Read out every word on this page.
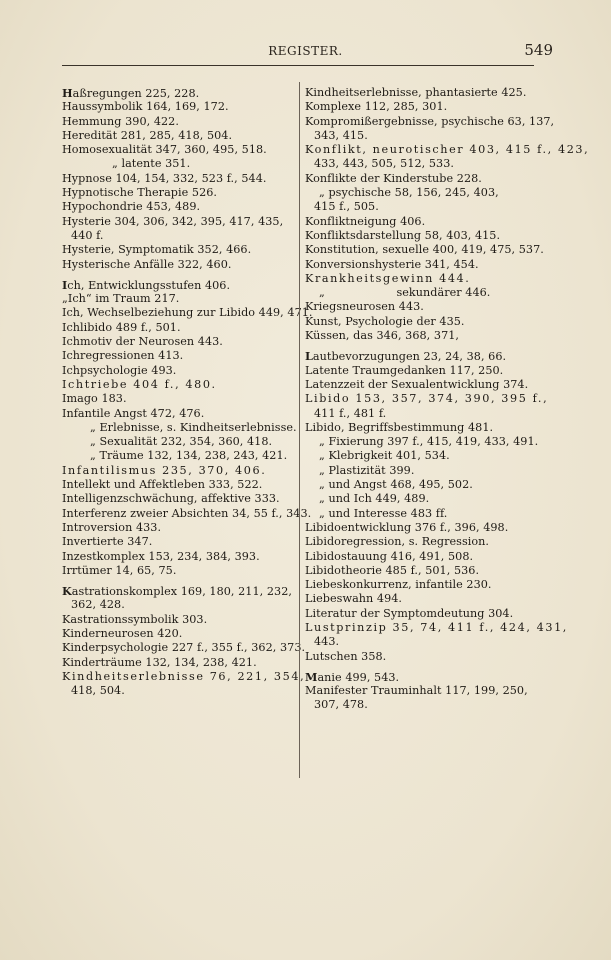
REGISTER.	549
Haßregungen 225, 228.
Haussymbolik 164, 169, 172.
Hemmung 390, 422.
Heredität 281, 285, 418, 504.
Homosexualität 347, 360, 495, 518.
„ latente 351.
Hypnose 104, 154, 332, 523 f., 544.
Hypnotische Therapie 526.
Hypochondrie 453, 489.
Hysterie 304, 306, 342, 395, 417, 435,
440 f.
Hysterie, Symptomatik 352, 466.
Hysterische Anfälle 322, 460.
Ich, Entwicklungsstufen 406.
„Ich“ im Traum 217.
Ich, Wechselbeziehung zur Libido 449, 471.
Ichlibido 489 f., 501.
Ichmotiv der Neurosen 443.
Ichregressionen 413.
Ichpsychologie 493.
Ichtriebe 404 f., 480.
Imago 183.
Infantile Angst 472, 476.
„ Erlebnisse, s. Kindheitserlebnisse.
„ Sexualität 232, 354, 360, 418.
„ Träume 132, 134, 238, 243, 421.
Infantilismus 235, 370, 406.
Intellekt und Affektleben 333, 522.
Intelligenzschwächung, affektive 333.
Interferenz zweier Absichten 34, 55 f., 343.
Introversion 433.
Invertierte 347.
Inzestkomplex 153, 234, 384, 393.
Irrtümer 14, 65, 75.
Kastrationskomplex 169, 180, 211, 232,
362, 428.
Kastrationssymbolik 303.
Kinderneurosen 420.
Kinderpsychologie 227 f., 355 f., 362, 373.
Kinderträume 132, 134, 238, 421.
Kindheitserlebnisse 76, 221, 354,
418, 504.
Kindheitserlebnisse, phantasierte 425.
Komplexe 112, 285, 301.
Kompromißergebnisse, psychische 63, 137,
343, 415.
Konflikt, neurotischer 403, 415 f., 423,
433, 443, 505, 512, 533.
Konflikte der Kinderstube 228.
„ psychische 58, 156, 245, 403,
415 f., 505.
Konfliktneigung 406.
Konfliktsdarstellung 58, 403, 415.
Konstitution, sexuelle 400, 419, 475, 537.
Konversionshysterie 341, 454.
Krankheitsgewinn 444.
„	sekundärer 446.
Kriegsneurosen 443.
Kunst, Psychologie der 435.
Küssen, das 346, 368, 371,
Lautbevorzugungen 23, 24, 38, 66.
Latente Traumgedanken 117, 250.
Latenzzeit der Sexualentwicklung 374.
Libido 153, 357, 374, 390, 395 f.,
411 f., 481 f.
Libido, Begriffsbestimmung 481.
„ Fixierung 397 f., 415, 419, 433, 491.
„ Klebrigkeit 401, 534.
„ Plastizität 399.
„ und Angst 468, 495, 502.
„ und Ich 449, 489.
„ und Interesse 483 ff.
Libidoentwicklung 376 f., 396, 498.
Libidoregression, s. Regression.
Libidostauung 416, 491, 508.
Libidotheorie 485 f., 501, 536.
Liebeskonkurrenz, infantile 230.
Liebeswahn 494.
Literatur der Symptomdeutung 304.
Lustprinzip 35, 74, 411 f., 424, 431,
443.
Lutschen 358.
Manie 499, 543.
Manifester Trauminhalt 117, 199, 250,
307, 478.
